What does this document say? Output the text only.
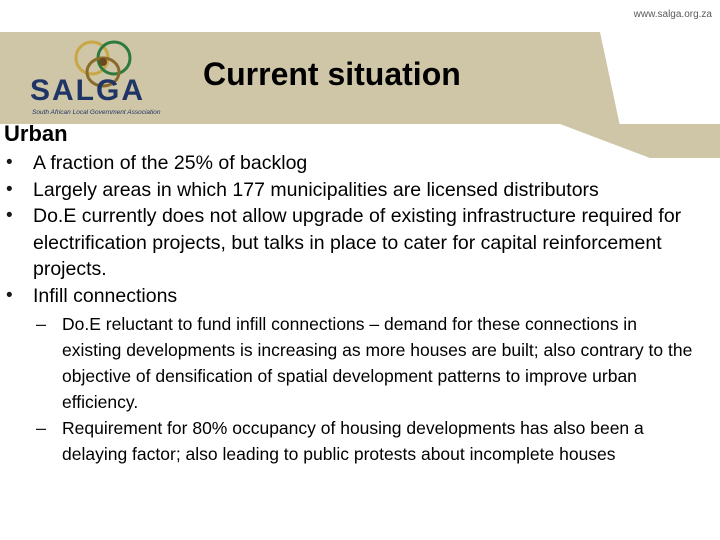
www.salga.org.za
SALGA
South African Local Government Association
Current situation
Urban
• A fraction of the 25% of backlog
• Largely areas in which 177 municipalities are licensed distributors
• Do.E currently does not allow upgrade of existing infrastructure required for electrification projects, but talks in place to cater for capital reinforcement projects.
• Infill connections
– Do.E reluctant to fund infill connections – demand for these connections in existing developments is increasing as more houses are built; also contrary to the objective of densification of spatial development patterns to improve urban efficiency.
– Requirement for 80% occupancy of housing developments has also been a delaying factor; also leading to public protests about incomplete houses
